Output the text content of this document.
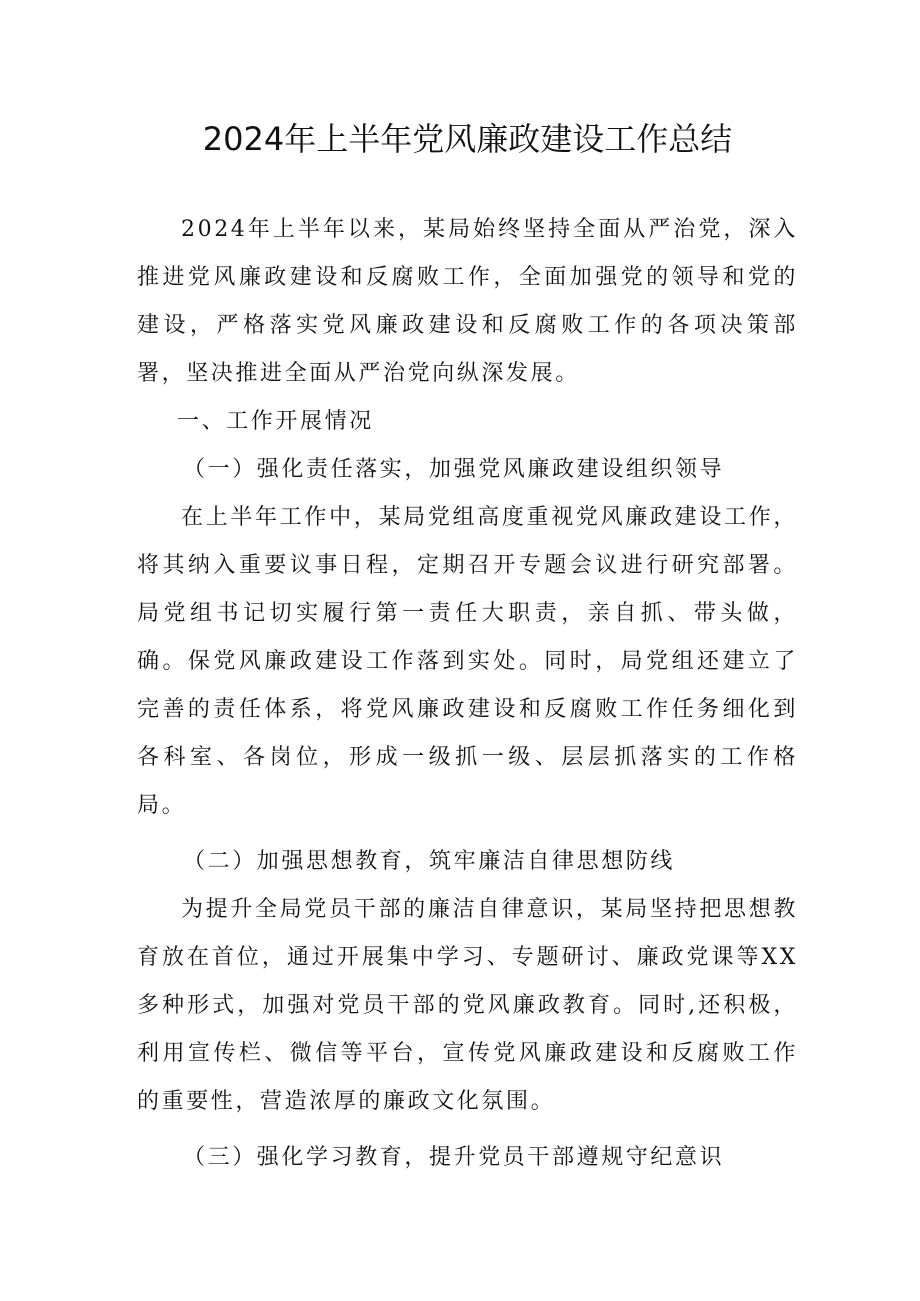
2024年上半年党风廉政建设工作总结

2024年上半年以来，某局始终坚持全面从严治党，深入推进党风廉政建设和反腐败工作，全面加强党的领导和党的建设，严格落实党风廉政建设和反腐败工作的各项决策部署，坚决推进全面从严治党向纵深发展。

一、工作开展情况

（一）强化责任落实，加强党风廉政建设组织领导

在上半年工作中，某局党组高度重视党风廉政建设工作，将其纳入重要议事日程，定期召开专题会议进行研究部署。局党组书记切实履行第一责任大职责，亲自抓、带头做，确。保党风廉政建设工作落到实处。同时，局党组还建立了完善的责任体系，将党风廉政建设和反腐败工作任务细化到各科室、各岗位，形成一级抓一级、层层抓落实的工作格局。

（二）加强思想教育，筑牢廉洁自律思想防线

为提升全局党员干部的廉洁自律意识，某局坚持把思想教育放在首位，通过开展集中学习、专题研讨、廉政党课等XX多种形式，加强对党员干部的党风廉政教育。同时,还积极，利用宣传栏、微信等平台，宣传党风廉政建设和反腐败工作的重要性，营造浓厚的廉政文化氛围。

（三）强化学习教育，提升党员干部遵规守纪意识
